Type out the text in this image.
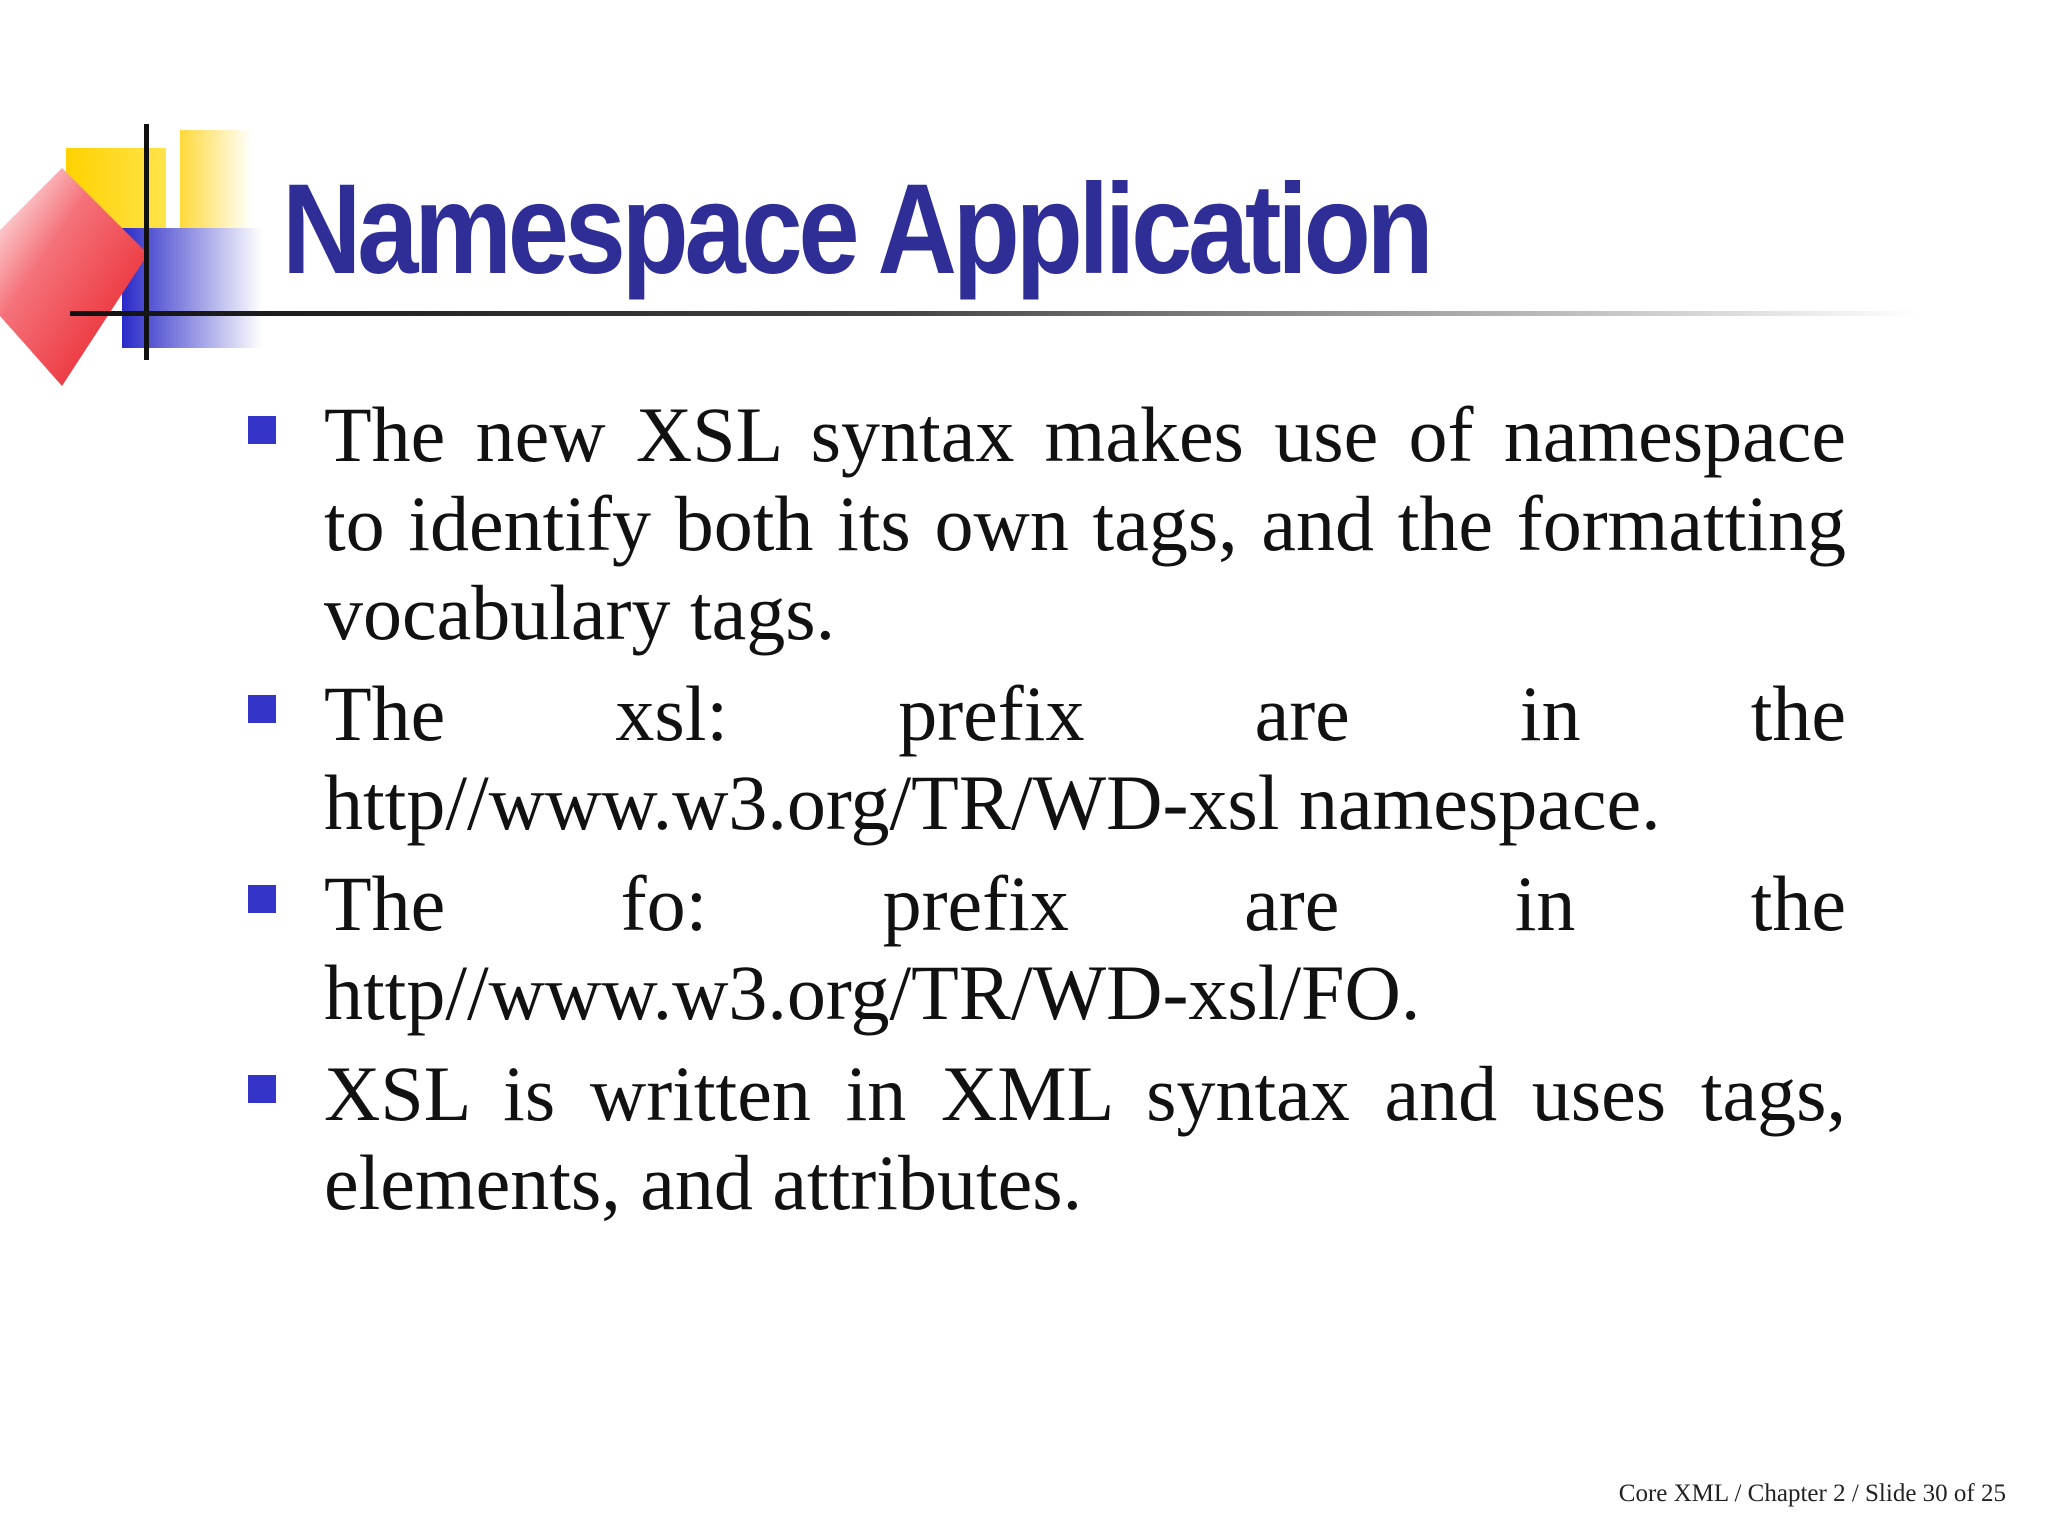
Namespace Application
The new XSL syntax makes use of namespace to identify both its own tags, and the formatting vocabulary tags.
The xsl: prefix are in the http//www.w3.org/TR/WD-xsl namespace.
The fo: prefix are in the http//www.w3.org/TR/WD-xsl/FO.
XSL is written in XML syntax and uses tags, elements, and attributes.
Core XML / Chapter 2 / Slide 30 of 25
